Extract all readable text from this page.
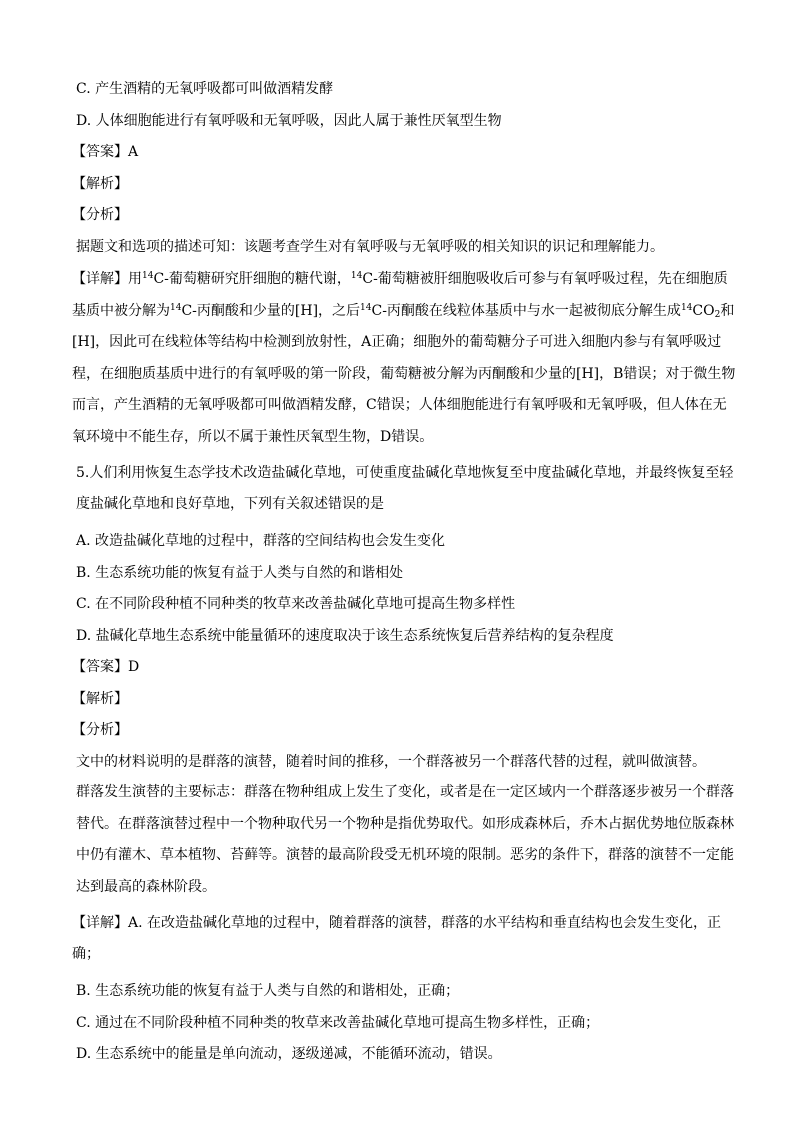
C. 产生酒精的无氧呼吸都可叫做酒精发酵
D. 人体细胞能进行有氧呼吸和无氧呼吸，因此人属于兼性厌氧型生物
【答案】A
【解析】
【分析】
据题文和选项的描述可知：该题考查学生对有氧呼吸与无氧呼吸的相关知识的识记和理解能力。
【详解】用$^{14}$C-葡萄糖研究肝细胞的糖代谢，$^{14}$C-葡萄糖被肝细胞吸收后可参与有氧呼吸过程，先在细胞质基质中被分解为$^{14}$C-丙酮酸和少量的[H]，之后$^{14}$C-丙酮酸在线粒体基质中与水一起被彻底分解生成$^{14}CO_2$和[H]，因此可在线粒体等结构中检测到放射性，A正确；细胞外的葡萄糖分子可进入细胞内参与有氧呼吸过程，在细胞质基质中进行的有氧呼吸的第一阶段，葡萄糖被分解为丙酮酸和少量的[H]，B错误；对于微生物而言，产生酒精的无氧呼吸都可叫做酒精发酵，C错误；人体细胞能进行有氧呼吸和无氧呼吸，但人体在无氧环境中不能生存，所以不属于兼性厌氧型生物，D错误。
5.人们利用恢复生态学技术改造盐碱化草地，可使重度盐碱化草地恢复至中度盐碱化草地，并最终恢复至轻度盐碱化草地和良好草地，下列有关叙述错误的是
A. 改造盐碱化草地的过程中，群落的空间结构也会发生变化
B. 生态系统功能的恢复有益于人类与自然的和谐相处
C. 在不同阶段种植不同种类的牧草来改善盐碱化草地可提高生物多样性
D. 盐碱化草地生态系统中能量循环的速度取决于该生态系统恢复后营养结构的复杂程度
【答案】D
【解析】
【分析】
文中的材料说明的是群落的演替，随着时间的推移，一个群落被另一个群落代替的过程，就叫做演替。
群落发生演替的主要标志：群落在物种组成上发生了变化，或者是在一定区域内一个群落逐步被另一个群落替代。在群落演替过程中一个物种取代另一个物种是指优势取代。如形成森林后，乔木占据优势地位版森林中仍有灌木、草本植物、苔藓等。演替的最高阶段受无机环境的限制。恶劣的条件下，群落的演替不一定能达到最高的森林阶段。
【详解】A. 在改造盐碱化草地的过程中，随着群落的演替，群落的水平结构和垂直结构也会发生变化，正确；
B. 生态系统功能的恢复有益于人类与自然的和谐相处，正确；
C. 通过在不同阶段种植不同种类的牧草来改善盐碱化草地可提高生物多样性，正确；
D. 生态系统中的能量是单向流动，逐级递减，不能循环流动，错误。
